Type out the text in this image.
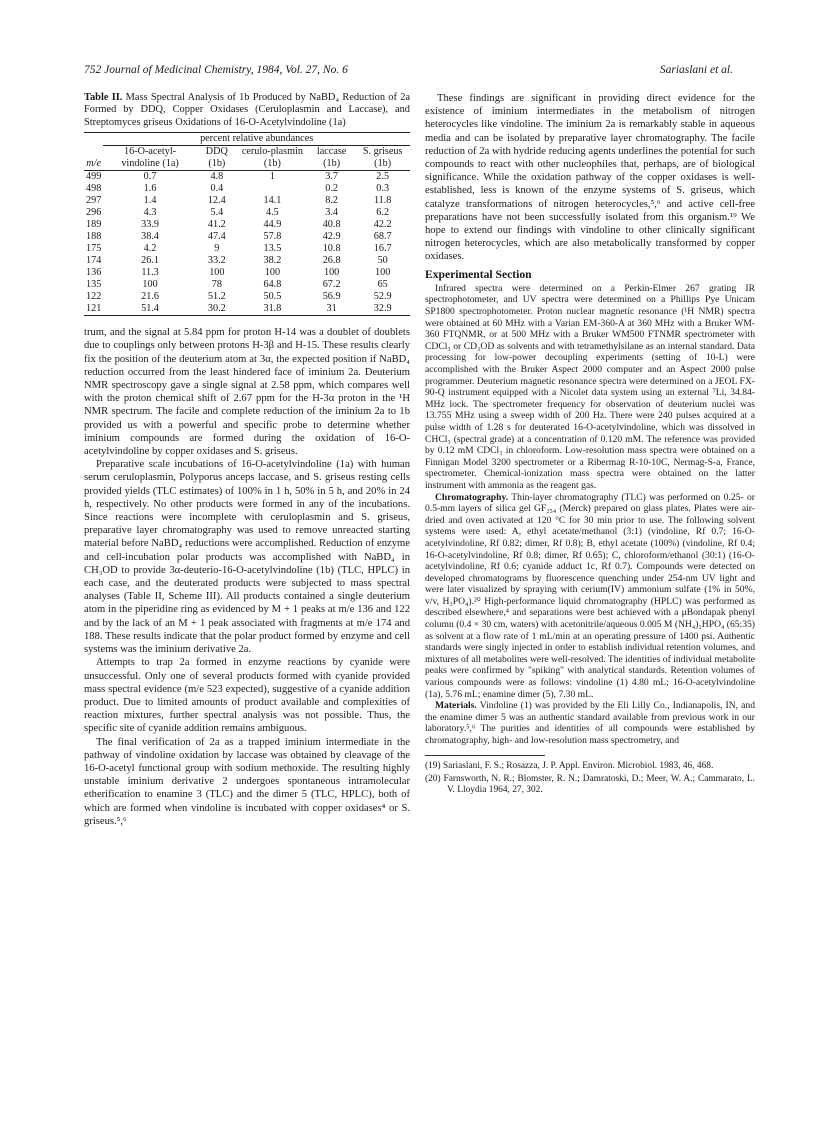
752 Journal of Medicinal Chemistry, 1984, Vol. 27, No. 6	Sariaslani et al.
Table II. Mass Spectral Analysis of 1b Produced by NaBD₄ Reduction of 2a Formed by DDQ, Copper Oxidases (Ceruloplasmin and Laccase), and Streptomyces griseus Oxidations of 16-O-Acetylvindoline (1a)
	percent relative abundances				
m/e	16-O-acetyl-vindoline (1a)	DDQ (1b)	cerulo-plasmin (1b)	laccase (1b)	S. griseus (1b)
499	0.7	4.8	1	3.7	2.5
498	1.6	0.4		0.2	0.3
297	1.4	12.4	14.1	8.2	11.8
296	4.3	5.4	4.5	3.4	6.2
189	33.9	41.2	44.9	40.8	42.2
188	38.4	47.4	57.8	42.9	68.7
175	4.2	9	13.5	10.8	16.7
174	26.1	33.2	38.2	26.8	50
136	11.3	100	100	100	100
135	100	78	64.8	67.2	65
122	21.6	51.2	50.5	56.9	52.9
121	51.4	30.2	31.8	31	32.9

trum, and the signal at 5.84 ppm for proton H-14 was a doublet of doublets due to couplings only between protons H-3β and H-15. These results clearly fix the position of the deuterium atom at 3α, the expected position if NaBD₄ reduction occurred from the least hindered face of iminium 2a. Deuterium NMR spectroscopy gave a single signal at 2.58 ppm, which compares well with the proton chemical shift of 2.67 ppm for the H-3α proton in the ¹H NMR spectrum. The facile and complete reduction of the iminium 2a to 1b provided us with a powerful and specific probe to determine whether iminium compounds are formed during the oxidation of 16-O-acetylvindoline by copper oxidases and S. griseus.

Preparative scale incubations of 16-O-acetylvindoline (1a) with human serum ceruloplasmin, Polyporus anceps laccase, and S. griseus resting cells provided yields (TLC estimates) of 100% in 1 h, 50% in 5 h, and 20% in 24 h, respectively. No other products were formed in any of the incubations. Since reactions were incomplete with ceruloplasmin and S. griseus, preparative layer chromatography was used to remove unreacted starting material before NaBD₄ reductions were accomplished. Reduction of enzyme and cell-incubation polar products was accomplished with NaBD₄ in CH₃OD to provide 3α-deuterio-16-O-acetylvindoline (1b) (TLC, HPLC) in each case, and the deuterated products were subjected to mass spectral analyses (Table II, Scheme III). All products contained a single deuterium atom in the piperidine ring as evidenced by M + 1 peaks at m/e 136 and 122 and by the lack of an M + 1 peak associated with fragments at m/e 174 and 188. These results indicate that the polar product formed by enzyme and cell systems was the iminium derivative 2a.

Attempts to trap 2a formed in enzyme reactions by cyanide were unsuccessful. Only one of several products formed with cyanide provided mass spectral evidence (m/e 523 expected), suggestive of a cyanide addition product. Due to limited amounts of product available and complexities of reaction mixtures, further spectral analysis was not possible. Thus, the specific site of cyanide addition remains ambiguous.

The final verification of 2a as a trapped iminium intermediate in the pathway of vindoline oxidation by laccase was obtained by cleavage of the 16-O-acetyl functional group with sodium methoxide. The resulting highly unstable iminium derivative 2 undergoes spontaneous intramolecular etherification to enamine 3 (TLC) and the dimer 5 (TLC, HPLC), both of which are formed when vindoline is incubated with copper oxidases⁴ or S. griseus.⁵,⁶

These findings are significant in providing direct evidence for the existence of iminium intermediates in the metabolism of nitrogen heterocycles like vindoline. The iminium 2a is remarkably stable in aqueous media and can be isolated by preparative layer chromatography. The facile reduction of 2a with hydride reducing agents underlines the potential for such compounds to react with other nucleophiles that, perhaps, are of biological significance. While the oxidation pathway of the copper oxidases is well-established, less is known of the enzyme systems of S. griseus, which catalyze transformations of nitrogen heterocycles,⁵,⁶ and active cell-free preparations have not been successfully isolated from this organism.¹⁹ We hope to extend our findings with vindoline to other clinically significant nitrogen heterocycles, which are also metabolically transformed by copper oxidases.

Experimental Section

Infrared spectra were determined on a Perkin-Elmer 267 grating IR spectrophotometer, and UV spectra were determined on a Phillips Pye Unicam SP1800 spectrophotometer. Proton nuclear magnetic resonance (¹H NMR) spectra were obtained at 60 MHz with a Varian EM-360-A at 360 MHz with a Bruker WM-360 FTQNMR, or at 500 MHz with a Bruker WM500 FTNMR spectrometer with CDCl₃ or CD₃OD as solvents and with tetramethylsilane as an internal standard. Data processing for low-power decoupling experiments (setting of 10-L) were accomplished with the Bruker Aspect 2000 computer and an Aspect 2000 pulse programmer. Deuterium magnetic resonance spectra were determined on a JEOL FX-90-Q instrument equipped with a Nicolet data system using an external ⁷Li, 34.84-MHz lock. The spectrometer frequency for observation of deuterium nuclei was 13.755 MHz using a sweep width of 200 Hz. There were 240 pulses acquired at a pulse width of 1.28 s for deuterated 16-O-acetylvindoline, which was dissolved in CHCl₃ (spectral grade) at a concentration of 0.120 mM. The reference was provided by 0.12 mM CDCl₃ in chloroform. Low-resolution mass spectra were obtained on a Finnigan Model 3200 spectrometer or a Ribermag R-10-10C, Nermag-S-a, France, spectrometer. Chemical-ionization mass spectra were obtained on the latter instrument with ammonia as the reagent gas.

Chromatography. Thin-layer chromatography (TLC) was performed on 0.25- or 0.5-mm layers of silica gel GF₂₅₄ (Merck) prepared on glass plates. Plates were air-dried and oven activated at 120 °C for 30 min prior to use. The following solvent systems were used: A, ethyl acetate/methanol (3:1) (vindoline, Rf 0.7; 16-O-acetylvindoline, Rf 0.82; dimer, Rf 0.8); B, ethyl acetate (100%) (vindoline, Rf 0.4; 16-O-acetylvindoline, Rf 0.8; dimer, Rf 0.65); C, chloroform/ethanol (30:1) (16-O-acetylvindoline, Rf 0.6; cyanide adduct 1c, Rf 0.7). Compounds were detected on developed chromatograms by fluorescence quenching under 254-nm UV light and were later visualized by spraying with cerium(IV) ammonium sulfate (1% in 50%, v/v, H₃PO₄).²⁰ High-performance liquid chromatography (HPLC) was performed as described elsewhere,⁴ and separations were best achieved with a μBondapak phenyl column (0.4 × 30 cm, waters) with acetonitrile/aqueous 0.005 M (NH₄)₂HPO₄ (65:35) as solvent at a flow rate of 1 mL/min at an operating pressure of 1400 psi. Authentic standards were singly injected in order to establish individual retention volumes, and mixtures of all metabolites were well-resolved. The identities of individual metabolite peaks were confirmed by "spiking" with analytical standards. Retention volumes of various compounds were as follows: vindoline (1) 4.80 mL; 16-O-acetylvindoline (1a), 5.76 mL; enamine dimer (5), 7.30 mL.

Materials. Vindoline (1) was provided by the Eli Lilly Co., Indianapolis, IN, and the enamine dimer 5 was an authentic standard available from previous work in our laboratory.⁵,⁶ The purities and identities of all compounds were established by chromatography, high- and low-resolution mass spectrometry, and

(19) Sariaslani, F. S.; Rosazza, J. P. Appl. Environ. Microbiol. 1983, 46, 468.
(20) Farnsworth, N. R.; Blomster, R. N.; Damratoski, D.; Meer, W. A.; Cammarato, L. V. Lloydia 1964, 27, 302.
